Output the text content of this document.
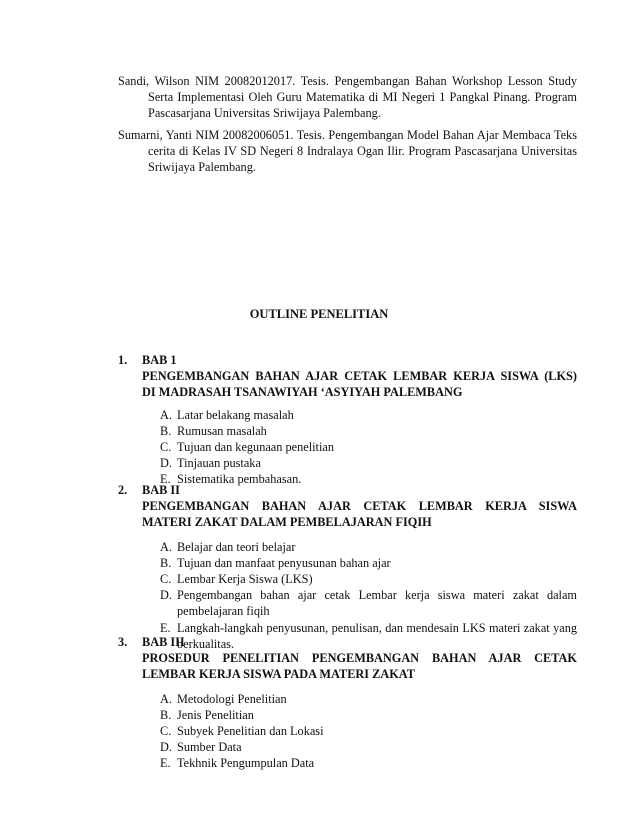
Sandi, Wilson NIM 20082012017. Tesis. Pengembangan Bahan Workshop Lesson Study Serta Implementasi Oleh Guru Matematika di MI Negeri 1 Pangkal Pinang. Program Pascasarjana Universitas Sriwijaya Palembang.

Sumarni, Yanti NIM 20082006051. Tesis. Pengembangan Model Bahan Ajar Membaca Teks cerita di Kelas IV SD Negeri 8 Indralaya Ogan Ilir. Program Pascasarjana Universitas Sriwijaya Palembang.

OUTLINE PENELITIAN
1. BAB 1
PENGEMBANGAN BAHAN AJAR CETAK LEMBAR KERJA SISWA (LKS)
DI MADRASAH TSANAWIYAH ‘ASYIYAH PALEMBANG
A. Latar belakang masalah
B. Rumusan masalah
C. Tujuan dan kegunaan penelitian
D. Tinjauan pustaka
E. Sistematika pembahasan.
2. BAB II
PENGEMBANGAN BAHAN AJAR CETAK LEMBAR KERJA SISWA
MATERI ZAKAT DALAM PEMBELAJARAN FIQIH
A. Belajar dan teori belajar
B. Tujuan dan manfaat penyusunan bahan ajar
C. Lembar Kerja Siswa (LKS)
D. Pengembangan bahan ajar cetak Lembar kerja siswa materi zakat dalam pembelajaran fiqih
E. Langkah-langkah penyusunan, penulisan, dan mendesain LKS materi zakat yang berkualitas.
3. BAB III
PROSEDUR PENELITIAN PENGEMBANGAN BAHAN AJAR CETAK
LEMBAR KERJA SISWA PADA MATERI ZAKAT
A. Metodologi Penelitian
B. Jenis Penelitian
C. Subyek Penelitian dan Lokasi
D. Sumber Data
E. Tekhnik Pengumpulan Data
